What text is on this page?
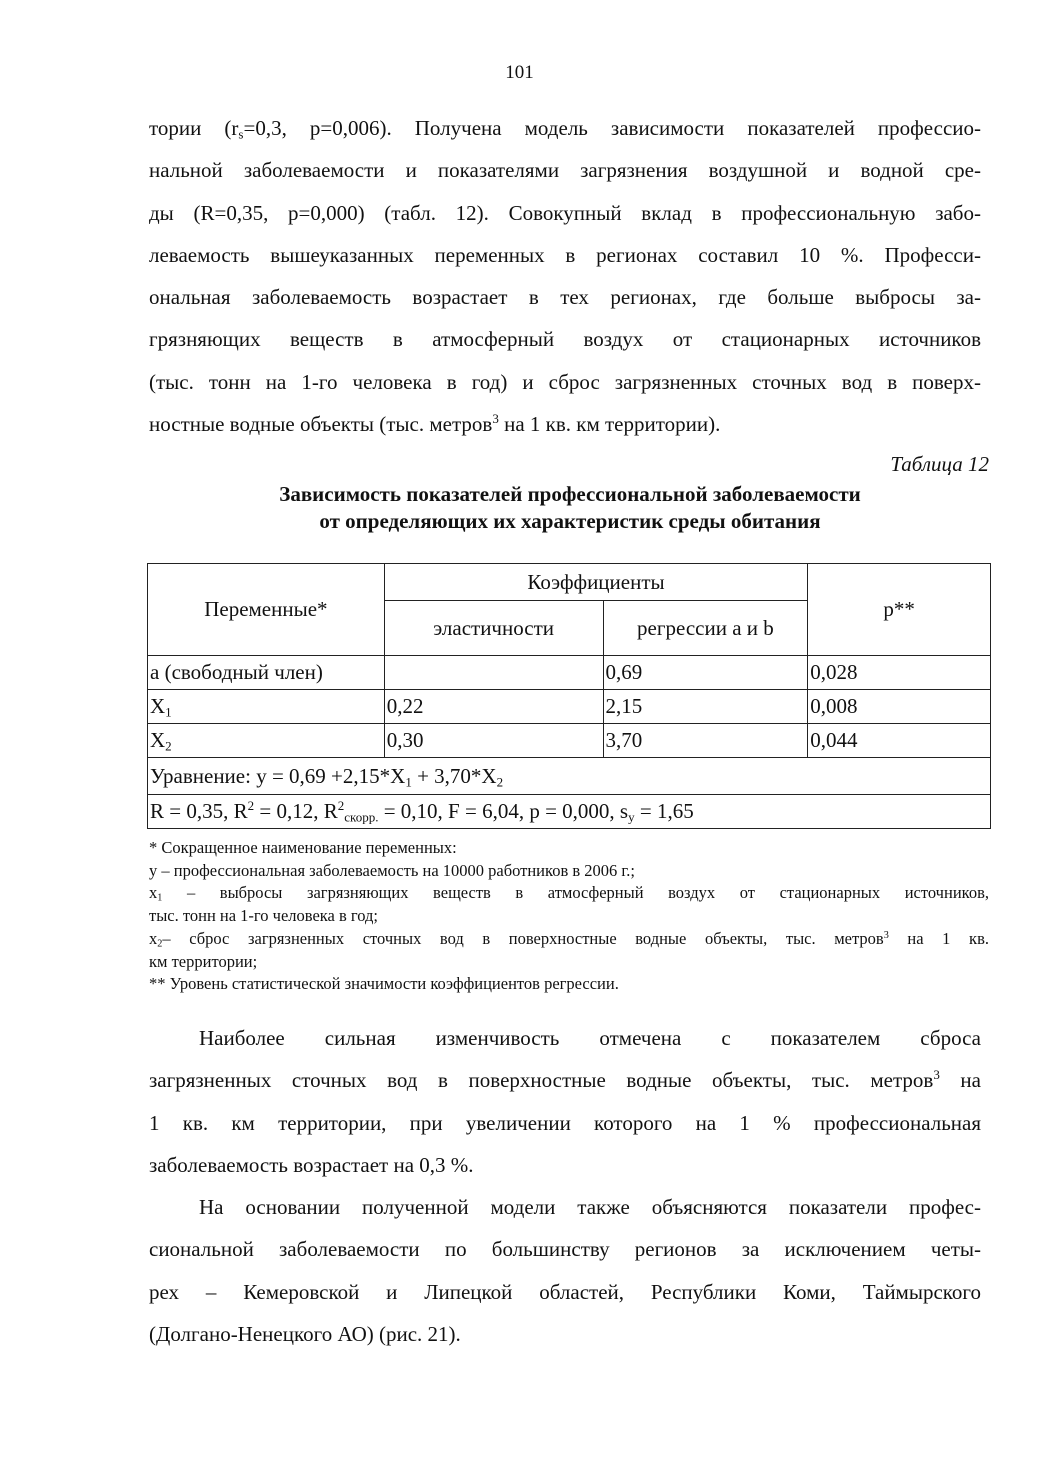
101
тории ($r_s=0,3$, p=0,006). Получена модель зависимости показателей профессио-
нальной заболеваемости и показателями загрязнения воздушной и водной сре-
ды (R=0,35, p=0,000) (табл. 12). Совокупный вклад в профессиональную забо-
леваемость вышеуказанных переменных в регионах составил 10 %. Професси-
ональная заболеваемость возрастает в тех регионах, где больше выбросы за-
грязняющих веществ в атмосферный воздух от стационарных источников
(тыс. тонн на 1-го человека в год) и сброс загрязненных сточных вод в поверх-
ностные водные объекты (тыс. метров$^3$ на 1 кв. км территории).
Таблица 12
Зависимость показателей профессиональной заболеваемости
от определяющих их характеристик среды обитания
Переменные*	Коэффициенты		p**
	эластичности	регрессии a и b	
а (свободный член)		0,69	0,028
$X_1$	0,22	2,15	0,008
$X_2$	0,30	3,70	0,044
Уравнение: $y = 0,69 +2,15*X_1 + 3,70*X_2$
R = 0,35, $R^2 = 0,12$, $R^2_{скорр.} = 0,10$, F = 6,04, p = 0,000, $s_y = 1,65$			
* Сокращенное наименование переменных:
y – профессиональная заболеваемость на 10000 работников в 2006 г.;
$x_1$ – выбросы загрязняющих веществ в атмосферный воздух от стационарных источников,
тыс. тонн на 1-го человека в год;
$x_2-$ сброс загрязненных сточных вод в поверхностные водные объекты, тыс. метров$^3$ на 1 кв.
км территории;
** Уровень статистической значимости коэффициентов регрессии.
Наиболее сильная изменчивость отмечена с показателем сброса
загрязненных сточных вод в поверхностные водные объекты, тыс. метров$^3$ на
1 кв. км территории, при увеличении которого на 1 % профессиональная
заболеваемость возрастает на 0,3 %.
На основании полученной модели также объясняются показатели профес-
сиональной заболеваемости по большинству регионов за исключением четы-
рех – Кемеровской и Липецкой областей, Республики Коми, Таймырского
(Долгано-Ненецкого АО) (рис. 21).
